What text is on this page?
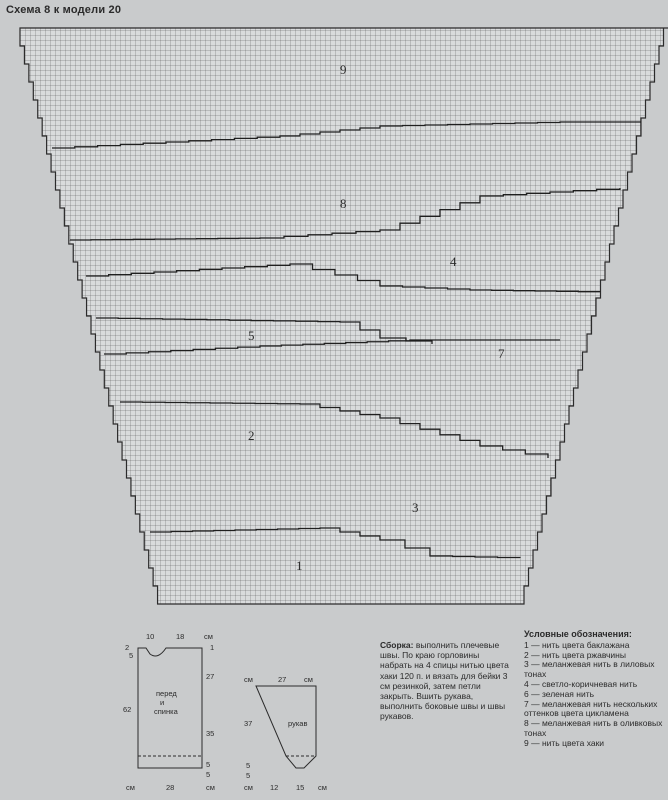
Схема 8 к модели 20
9
8
4
5
7
2
3
1
10	18	см
1
2
5
27
62
35
5
5
перед
и
спинка
см	28	см
см	27 см
37	рукав
5
5
см 12 15 см

Сборка: выполнить плечевые швы. По краю горловины набрать на 4 спицы нитью цвета хаки 120 п. и вязать для бейки 3 см резинкой, затем петли закрыть. Вшить рукава, выполнить боковые швы и швы рукавов.

Условные обозначения:
1 — нить цвета баклажана
2 — нить цвета ржавчины
3 — меланжевая нить в лиловых тонах
4 — светло-коричневая нить
6 — зеленая нить
7 — меланжевая нить нескольких оттенков цвета цикламена
8 — меланжевая нить в оливковых тонах
9 — нить цвета хаки
